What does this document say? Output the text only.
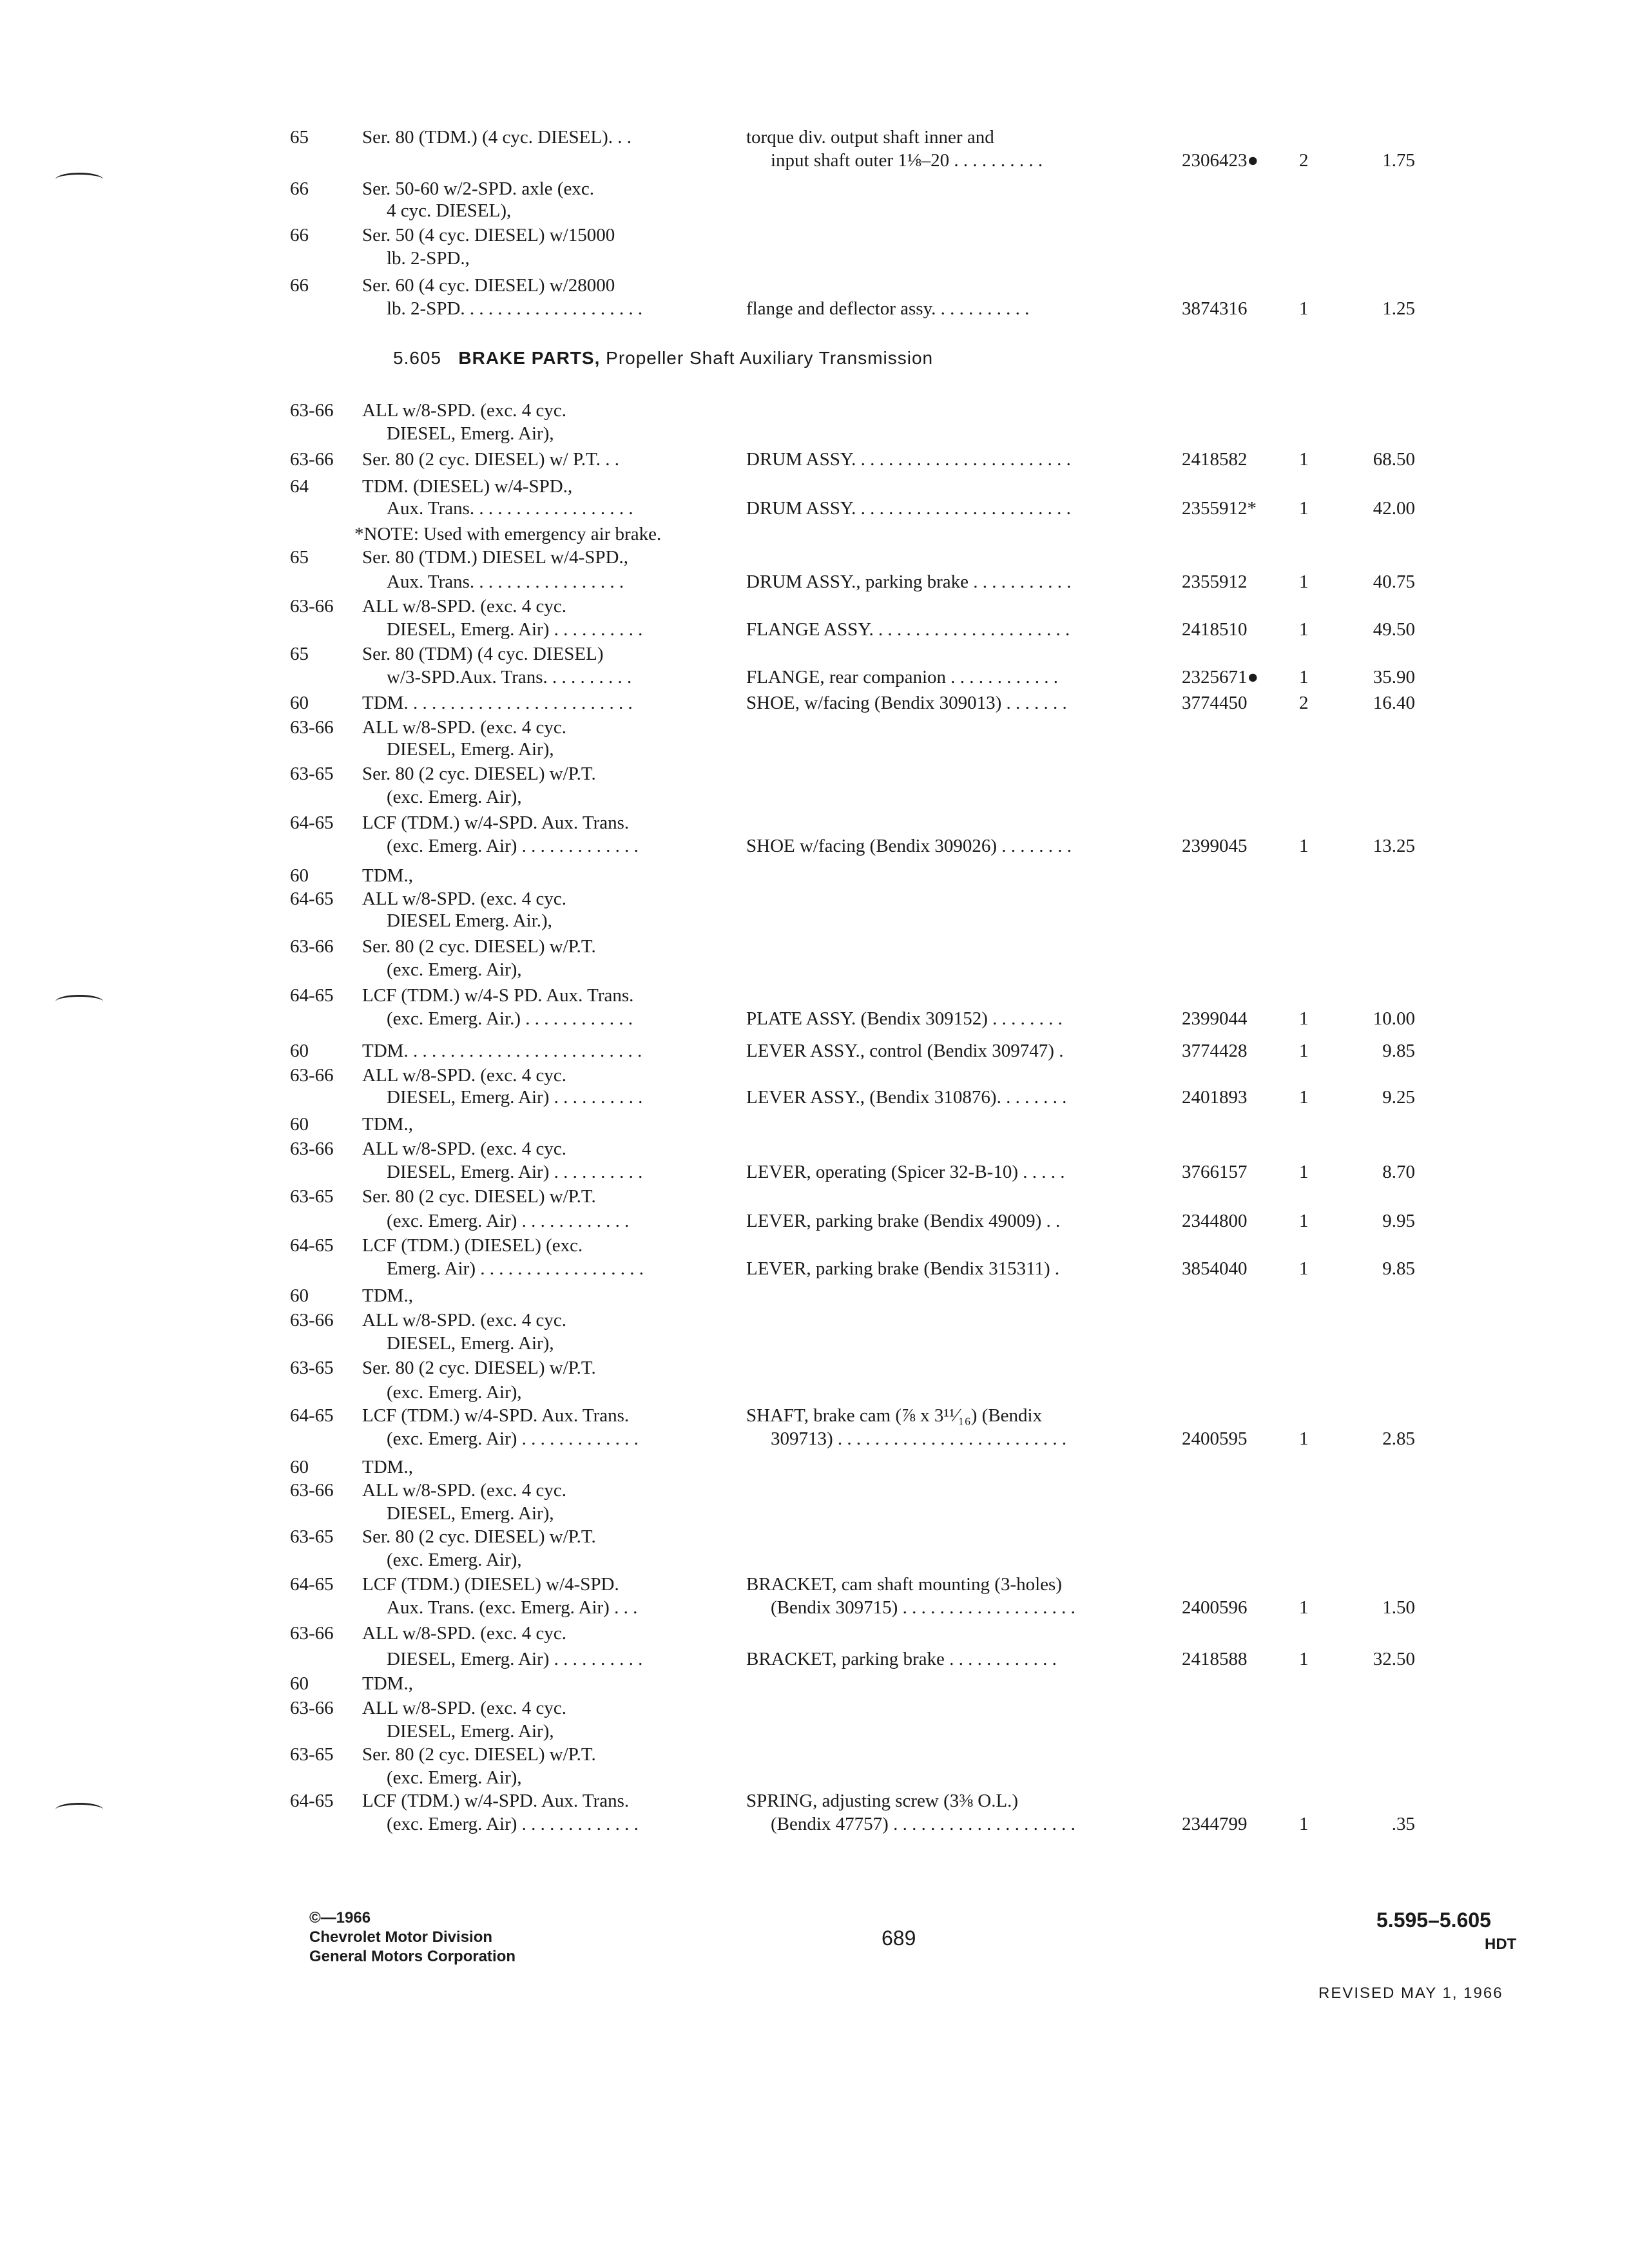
5.605 BRAKE PARTS, Propeller Shaft Auxiliary Transmission
65	Ser. 80 (TDM.) (4 cyc. DIESEL). . .	torque div. output shaft inner and
input shaft outer 1⅛–20 . . . . . . . . . .	2306423● 2	1.75
66	Ser. 50-60 w/2-SPD. axle (exc.
4 cyc. DIESEL),
66	Ser. 50 (4 cyc. DIESEL) w/15000
lb. 2-SPD.,
66	Ser. 60 (4 cyc. DIESEL) w/28000
lb. 2-SPD. . . . . . . . . . . . . . . . . . . .	flange and deflector assy. . . . . . . . . . .	3874316	1	1.25
63-66 ALL w/8-SPD. (exc. 4 cyc.
DIESEL, Emerg. Air),
63-66 Ser. 80 (2 cyc. DIESEL) w/ P.T. . .	DRUM ASSY. . . . . . . . . . . . . . . . . . . . . . . .	2418582	1	68.50
64	TDM. (DIESEL) w/4-SPD.,
Aux. Trans. . . . . . . . . . . . . . . . . .	DRUM ASSY. . . . . . . . . . . . . . . . . . . . . . . .	2355912* 1	42.00
*NOTE: Used with emergency air brake.
65	Ser. 80 (TDM.) DIESEL w/4-SPD.,
Aux. Trans. . . . . . . . . . . . . . . . .	DRUM ASSY., parking brake . . . . . . . . . . .	2355912	1	40.75
63-66 ALL w/8-SPD. (exc. 4 cyc.
DIESEL, Emerg. Air) . . . . . . . . . .	FLANGE ASSY. . . . . . . . . . . . . . . . . . . . . .	2418510	1	49.50
65	Ser. 80 (TDM) (4 cyc. DIESEL)
w/3-SPD.Aux. Trans. . . . . . . . . .	FLANGE, rear companion . . . . . . . . . . . .	2325671● 1	35.90
60	TDM. . . . . . . . . . . . . . . . . . . . . . . . .	SHOE, w/facing (Bendix 309013) . . . . . . .	3774450	2	16.40
63-66 ALL w/8-SPD. (exc. 4 cyc.
DIESEL, Emerg. Air),
63-65 Ser. 80 (2 cyc. DIESEL) w/P.T.
(exc. Emerg. Air),
64-65 LCF (TDM.) w/4-SPD. Aux. Trans.
(exc. Emerg. Air) . . . . . . . . . . . . .	SHOE w/facing (Bendix 309026) . . . . . . . .	2399045	1	13.25
60	TDM.,
64-65 ALL w/8-SPD. (exc. 4 cyc.
DIESEL Emerg. Air.),
63-66 Ser. 80 (2 cyc. DIESEL) w/P.T.
(exc. Emerg. Air),
64-65 LCF (TDM.) w/4-S PD. Aux. Trans.
(exc. Emerg. Air.) . . . . . . . . . . . .	PLATE ASSY. (Bendix 309152) . . . . . . . .	2399044	1	10.00
60	TDM. . . . . . . . . . . . . . . . . . . . . . . . . .	LEVER ASSY., control (Bendix 309747) .	3774428	1	9.85
63-66 ALL w/8-SPD. (exc. 4 cyc.
DIESEL, Emerg. Air) . . . . . . . . . .	LEVER ASSY., (Bendix 310876). . . . . . . .	2401893	1	9.25
60	TDM.,
63-66 ALL w/8-SPD. (exc. 4 cyc.
DIESEL, Emerg. Air) . . . . . . . . . .	LEVER, operating (Spicer 32-B-10) . . . . .	3766157	1	8.70
63-65 Ser. 80 (2 cyc. DIESEL) w/P.T.
(exc. Emerg. Air) . . . . . . . . . . . .	LEVER, parking brake (Bendix 49009) . .	2344800	1	9.95
64-65 LCF (TDM.) (DIESEL) (exc.
Emerg. Air) . . . . . . . . . . . . . . . . . .	LEVER, parking brake (Bendix 315311) .	3854040	1	9.85
60	TDM.,
63-66 ALL w/8-SPD. (exc. 4 cyc.
DIESEL, Emerg. Air),
63-65 Ser. 80 (2 cyc. DIESEL) w/P.T.
(exc. Emerg. Air),
64-65 LCF (TDM.) w/4-SPD. Aux. Trans.	SHAFT, brake cam (⅞ x 3¹¹⁄₁₆) (Bendix
(exc. Emerg. Air) . . . . . . . . . . . . .	309713) . . . . . . . . . . . . . . . . . . . . . . . . .	2400595	1	2.85
60	TDM.,
63-66 ALL w/8-SPD. (exc. 4 cyc.
DIESEL, Emerg. Air),
63-65 Ser. 80 (2 cyc. DIESEL) w/P.T.
(exc. Emerg. Air),
64-65 LCF (TDM.) (DIESEL) w/4-SPD.	BRACKET, cam shaft mounting (3-holes)
Aux. Trans. (exc. Emerg. Air) . . .	(Bendix 309715) . . . . . . . . . . . . . . . . . . .	2400596	1	1.50
63-66 ALL w/8-SPD. (exc. 4 cyc.
DIESEL, Emerg. Air) . . . . . . . . . .	BRACKET, parking brake . . . . . . . . . . . .	2418588	1	32.50
60	TDM.,
63-66 ALL w/8-SPD. (exc. 4 cyc.
DIESEL, Emerg. Air),
63-65 Ser. 80 (2 cyc. DIESEL) w/P.T.
(exc. Emerg. Air),
64-65 LCF (TDM.) w/4-SPD. Aux. Trans.	SPRING, adjusting screw (3⅜ O.L.)
(exc. Emerg. Air) . . . . . . . . . . . . .	(Bendix 47757) . . . . . . . . . . . . . . . . . . . .	2344799	1	.35
©—1966
Chevrolet Motor Division
General Motors Corporation
689
5.595–5.605
HDT
REVISED MAY 1, 1966
